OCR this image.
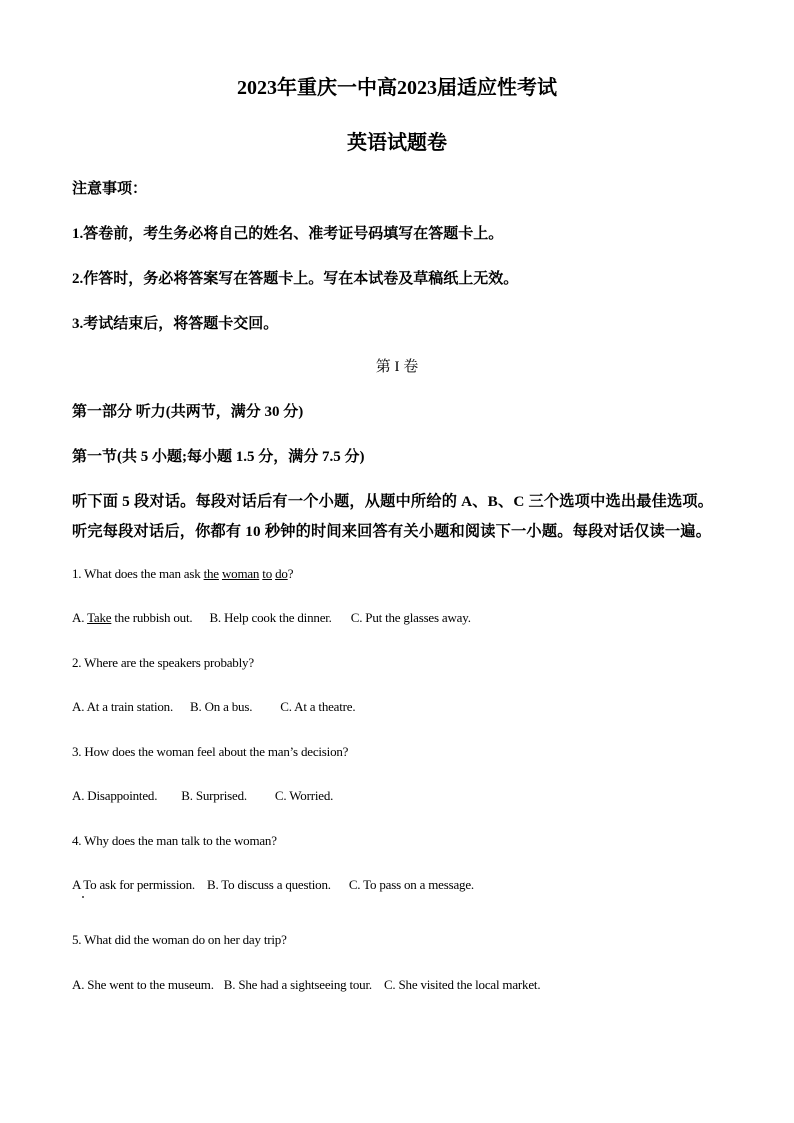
2023年重庆一中高2023届适应性考试
英语试题卷
注意事项：
1.答卷前，考生务必将自己的姓名、准考证号码填写在答题卡上。
2.作答时，务必将答案写在答题卡上。写在本试卷及草稿纸上无效。
3.考试结束后，将答题卡交回。
第 I 卷
第一部分 听力(共两节，满分 30 分)
第一节(共 5 小题;每小题 1.5 分，满分 7.5 分)
听下面 5 段对话。每段对话后有一个小题，从题中所给的 A、B、C 三个选项中选出最佳选项。
听完每段对话后，你都有 10 秒钟的时间来回答有关小题和阅读下一小题。每段对话仅读一遍。
1. What does the man ask the woman to do?
A. Take the rubbish out. B. Help cook the dinner. C. Put the glasses away.
2. Where are the speakers probably?
A. At a train station. B. On a bus. C. At a theatre.
3. How does the woman feel about the man’s decision?
A. Disappointed. B. Surprised. C. Worried.
4. Why does the man talk to the woman?
A To ask for permission. B. To discuss a question. C. To pass on a message.
5. What did the woman do on her day trip?
A. She went to the museum. B. She had a sightseeing tour. C. She visited the local market.
